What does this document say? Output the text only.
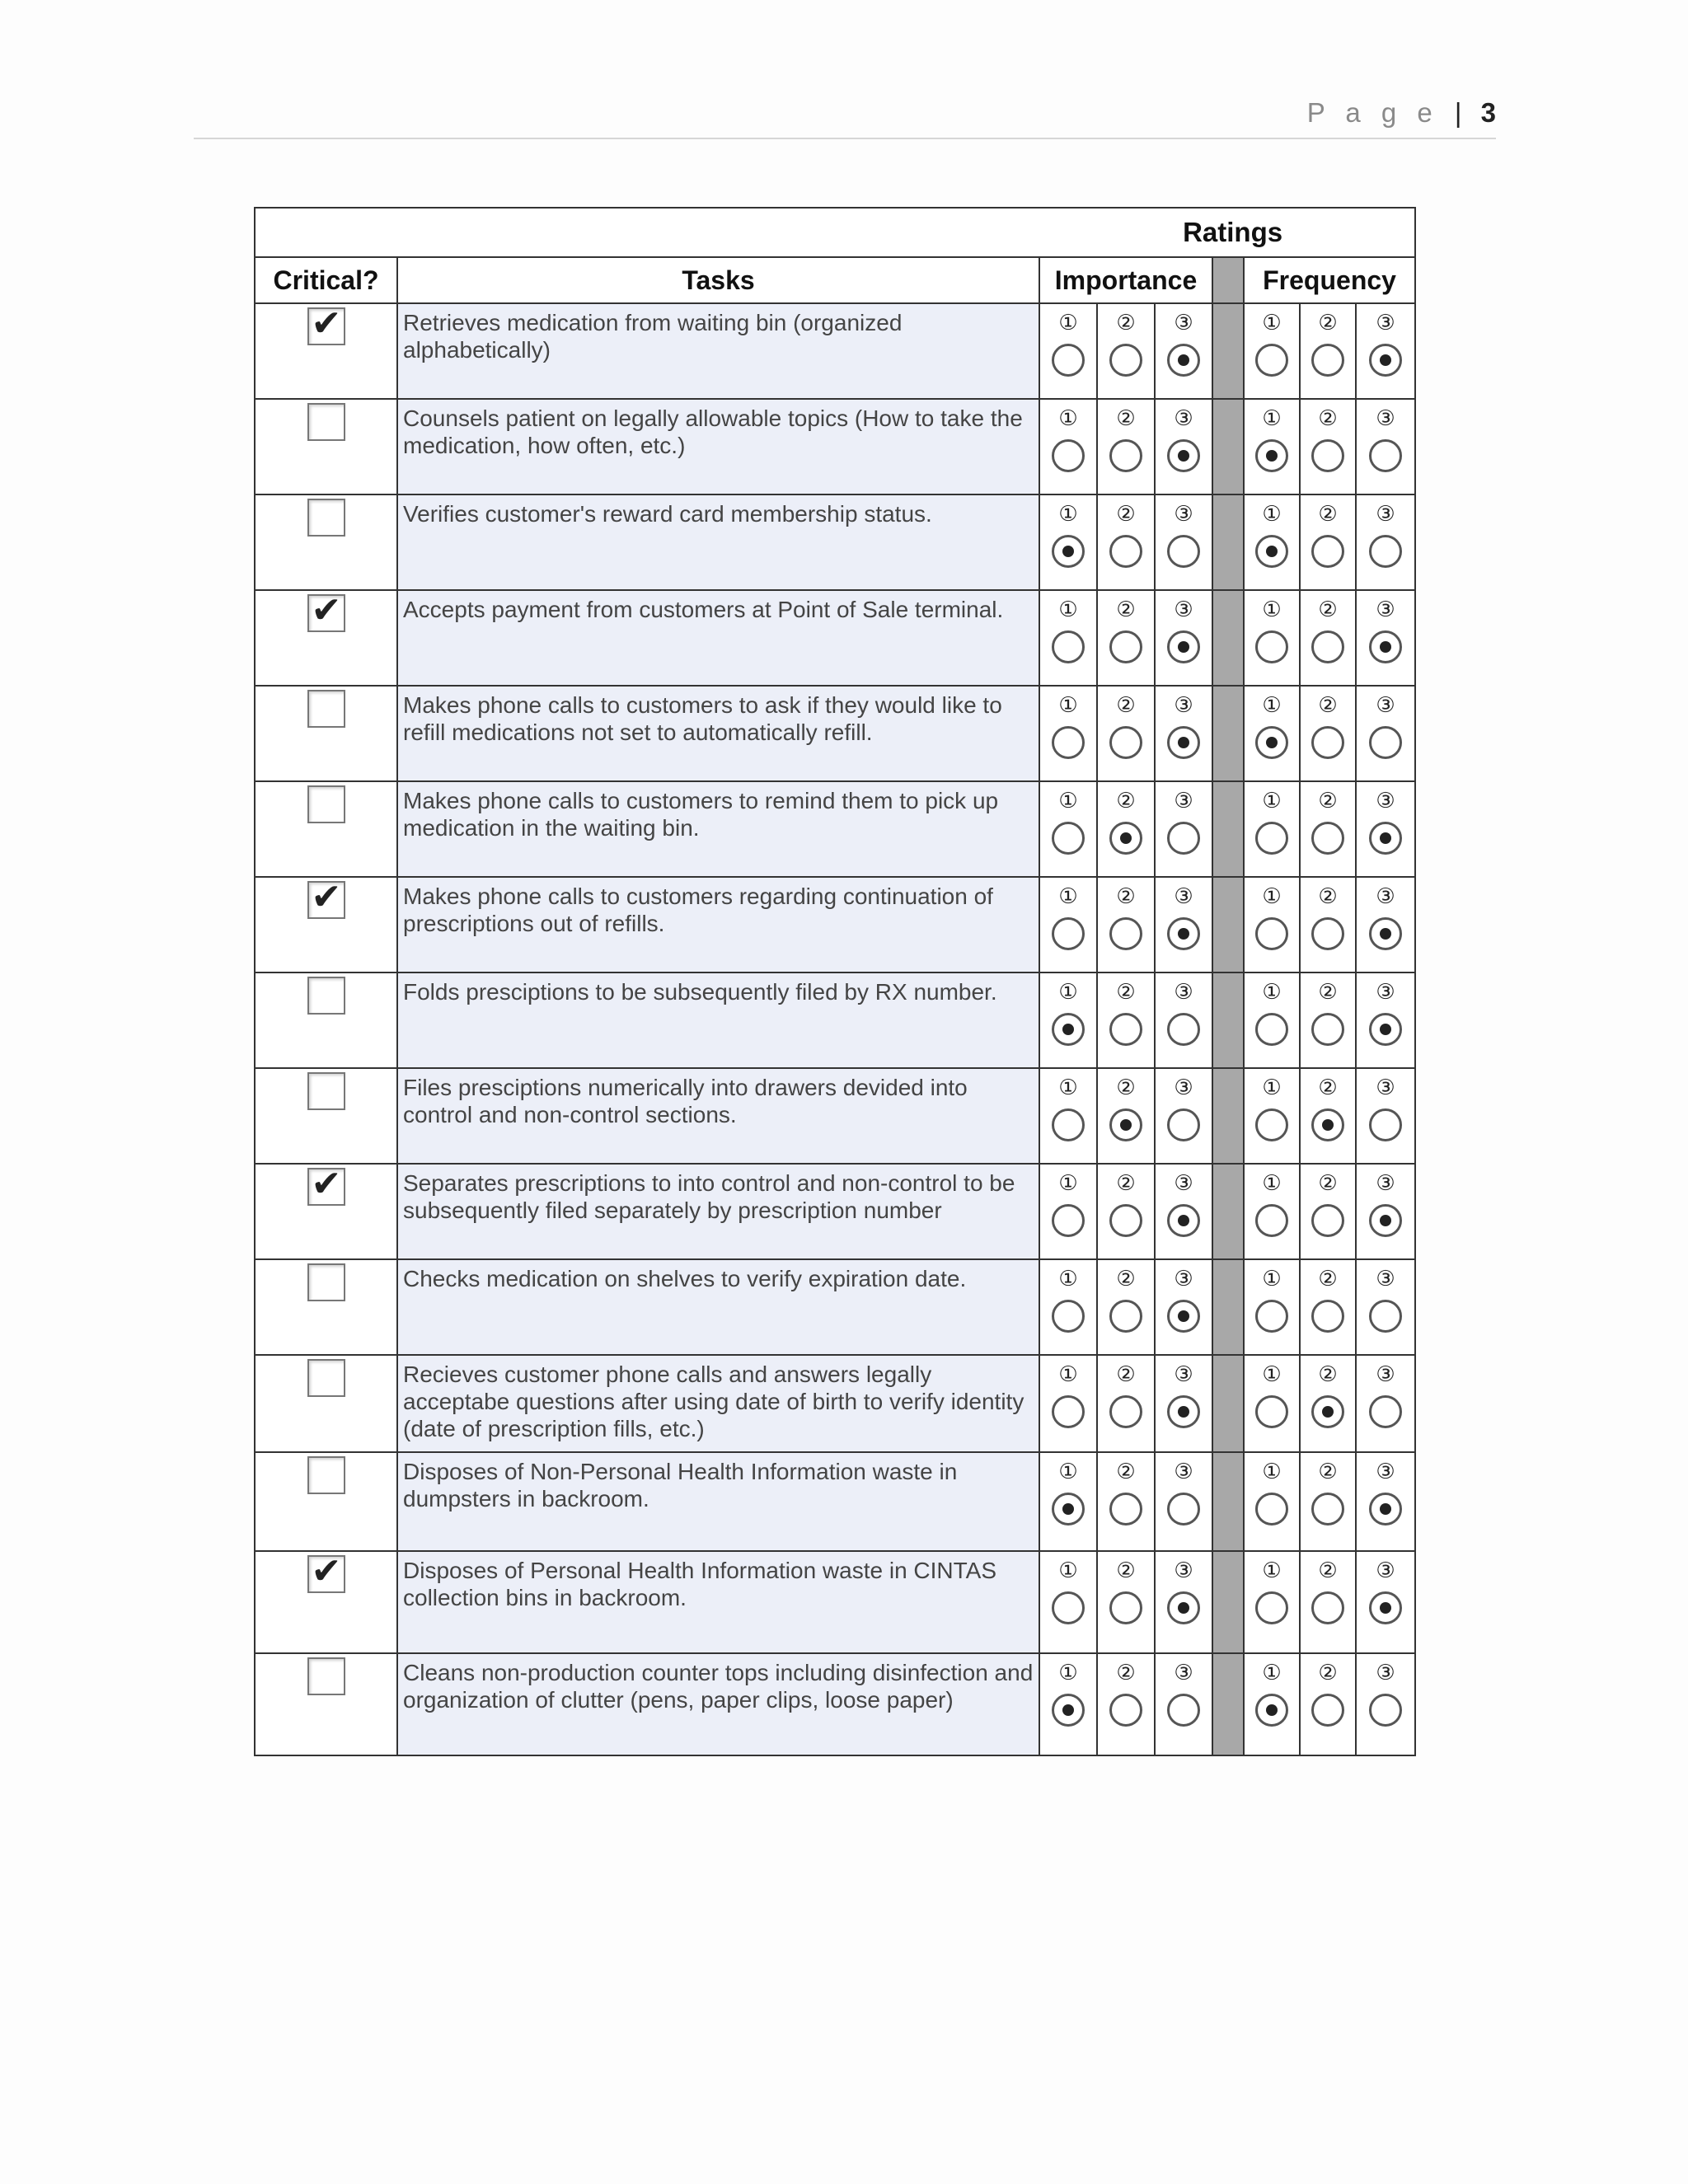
P a g e | 3
Ratings								
Critical?	Tasks	Importance				Frequency		

✔	Retrieves medication from waiting bin (organized alphabetically)	①	②	③		①	②	③

	Counsels patient on legally allowable topics (How to take the medication, how often, etc.)	①	②	③		①	②	③

	Verifies customer's reward card membership status.	①	②	③		①	②	③

✔	Accepts payment from customers at Point of Sale terminal.	①	②	③		①	②	③

	Makes phone calls to customers to ask if they would like to refill medications not set to automatically refill.	①	②	③		①	②	③

	Makes phone calls to customers to remind them to pick up medication in the waiting bin.	①	②	③		①	②	③

✔	Makes phone calls to customers regarding continuation of prescriptions out of refills.	①	②	③		①	②	③

	Folds presciptions to be subsequently filed by RX number.	①	②	③		①	②	③

	Files presciptions numerically into drawers devided into control and non-control sections.	①	②	③		①	②	③

✔	Separates prescriptions to into control and non-control to be subsequently filed separately by prescription number	①	②	③		①	②	③

	Checks medication on shelves to verify expiration date.	①	②	③		①	②	③

	Recieves customer phone calls and answers legally acceptabe questions after using date of birth to verify identity (date of prescription fills, etc.)	①	②	③		①	②	③

	Disposes of Non-Personal Health Information waste in dumpsters in backroom.	①	②	③		①	②	③

✔	Disposes of Personal Health Information waste in CINTAS collection bins in backroom.	①	②	③		①	②	③

	Cleans non-production counter tops including disinfection and organization of clutter (pens, paper clips, loose paper)	①	②	③		①	②	③
